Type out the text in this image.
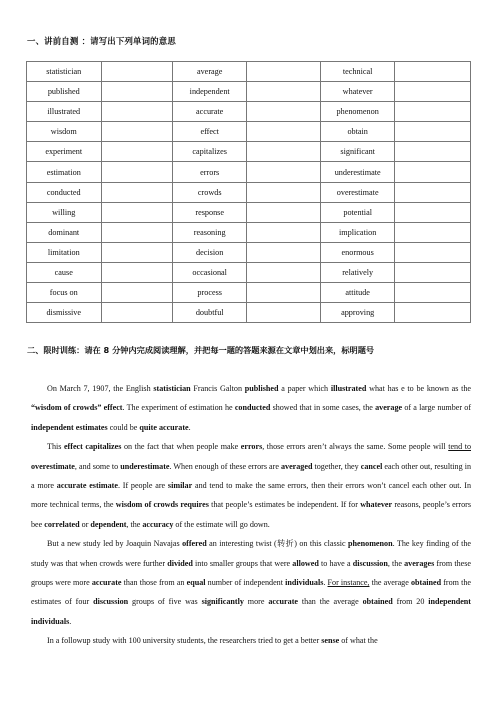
一、讲前自测 ：请写出下列单词的意思
statistician		average		technical	
published		independent		whatever	
illustrated		accurate		phenomenon	
wisdom		effect		obtain	
experiment		capitalizes		significant	
estimation		errors		underestimate	
conducted		crowds		overestimate	
willing		response		potential	
dominant		reasoning		implication	
limitation		decision		enormous	
cause		occasional		relatively	
focus on		process		attitude	
dismissive		doubtful		approving	
二、限时训练：请在 8 分钟内完成阅读理解，并把每一题的答题来源在文章中划出来，标明题号

On March 7, 1907, the English statistician Francis Galton published a paper which illustrated what has e to be known as the “wisdom of crowds” effect. The experiment of estimation he conducted showed that in some cases, the average of a large number of independent estimates could be quite accurate.

This effect capitalizes on the fact that when people make errors, those errors aren’t always the same. Some people will tend to overestimate, and some to underestimate. When enough of these errors are averaged together, they cancel each other out, resulting in a more accurate estimate. If people are similar and tend to make the same errors, then their errors won’t cancel each other out. In more technical terms, the wisdom of crowds requires that people’s estimates be independent. If for whatever reasons, people’s errors bee correlated or dependent, the accuracy of the estimate will go down.

But a new study led by Joaquin Navajas offered an interesting twist (转折) on this classic phenomenon. The key finding of the study was that when crowds were further divided into smaller groups that were allowed to have a discussion, the averages from these groups were more accurate than those from an equal number of independent individuals. For instance, the average obtained from the estimates of four discussion groups of five was significantly more accurate than the average obtained from 20 independent individuals.

In a followup study with 100 university students, the researchers tried to get a better sense of what the
